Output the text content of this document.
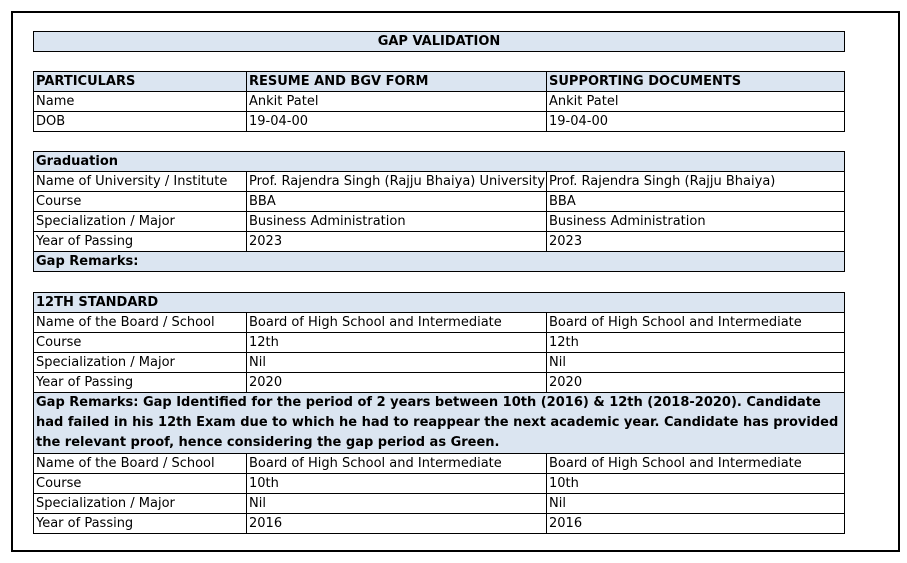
GAP VALIDATION
PARTICULARS	RESUME AND BGV FORM	SUPPORTING DOCUMENTS
Name	Ankit Patel	Ankit Patel
DOB	19-04-00	19-04-00
Graduation		
Name of University / Institute	Prof. Rajendra Singh (Rajju Bhaiya) University	Prof. Rajendra Singh (Rajju Bhaiya)
Course	BBA	BBA
Specialization / Major	Business Administration	Business Administration
Year of Passing	2023	2023
Gap Remarks:		
12TH STANDARD		
Name of the Board / School	Board of High School and Intermediate	Board of High School and Intermediate
Course	12th	12th
Specialization / Major	Nil	Nil
Year of Passing	2020	2020
Gap Remarks: Gap Identified for the period of 2 years between 10th (2016) & 12th (2018-2020). Candidate had failed in his 12th Exam due to which he had to reappear the next academic year. Candidate has provided the relevant proof, hence considering the gap period as Green.		
Name of the Board / School	Board of High School and Intermediate	Board of High School and Intermediate
Course	10th	10th
Specialization / Major	Nil	Nil
Year of Passing	2016	2016
